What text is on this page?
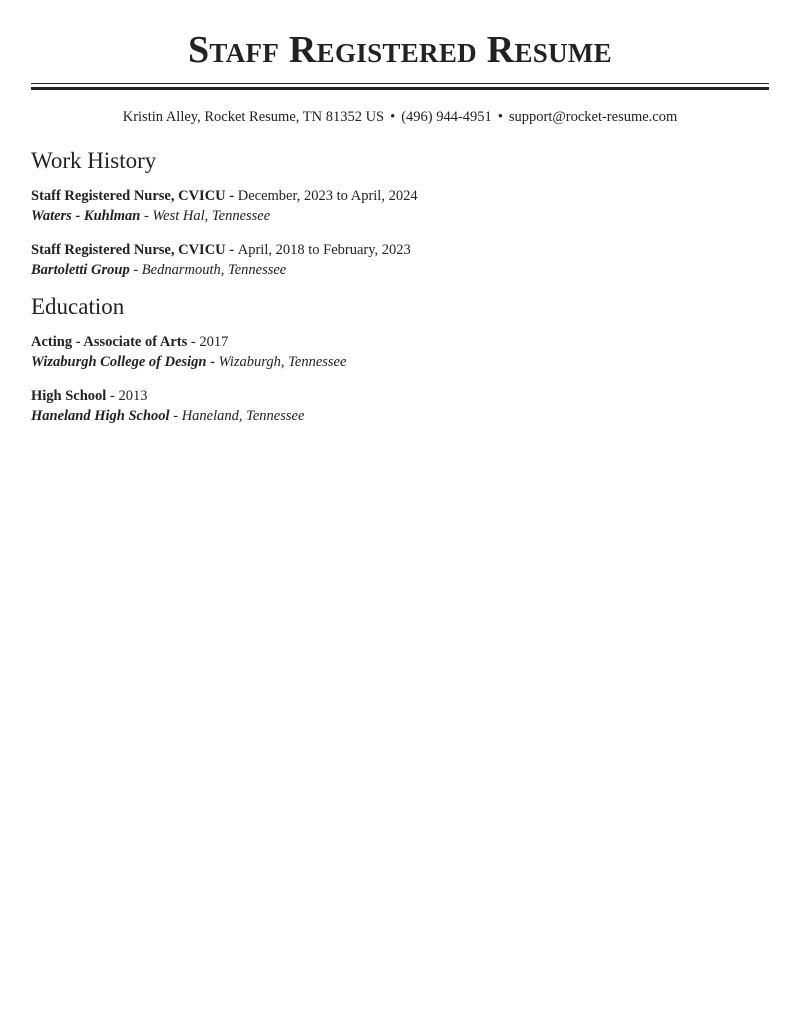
Staff Registered Resume
Kristin Alley, Rocket Resume, TN 81352 US • (496) 944-4951 • support@rocket-resume.com
Work History
Staff Registered Nurse, CVICU - December, 2023 to April, 2024
Waters - Kuhlman - West Hal, Tennessee
Staff Registered Nurse, CVICU - April, 2018 to February, 2023
Bartoletti Group - Bednarmouth, Tennessee
Education
Acting - Associate of Arts - 2017
Wizaburgh College of Design - Wizaburgh, Tennessee
High School - 2013
Haneland High School - Haneland, Tennessee
